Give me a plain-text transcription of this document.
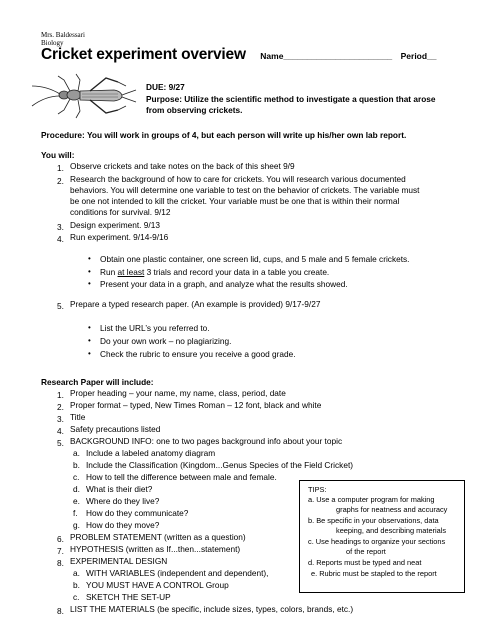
Mrs. Baldessari
Biology
Cricket experiment overview Name_______________________ Period__
DUE: 9/27
Purpose: Utilize the scientific method to investigate a question that arose
from observing crickets.
Procedure: You will work in groups of 4, but each person will write up his/her own lab report.
You will:
1. Observe crickets and take notes on the back of this sheet 9/9
2. Research the background of how to care for crickets. You will research various documented
behaviors. You will determine one variable to test on the behavior of crickets. The variable must
be one not intended to kill the cricket. Your variable must be one that is within their normal
conditions for survival. 9/12
3. Design experiment. 9/13
4. Run experiment. 9/14-9/16
• Obtain one plastic container, one screen lid, cups, and 5 male and 5 female crickets.
• Run at least 3 trials and record your data in a table you create.
• Present your data in a graph, and analyze what the results showed.
5. Prepare a typed research paper. (An example is provided) 9/17-9/27
• List the URL’s you referred to.
• Do your own work – no plagiarizing.
• Check the rubric to ensure you receive a good grade.
Research Paper will include:
1. Proper heading – your name, my name, class, period, date
2. Proper format – typed, New Times Roman – 12 font, black and white
3. Title
4. Safety precautions listed
5. BACKGROUND INFO: one to two pages background info about your topic
a. Include a labeled anatomy diagram
b. Include the Classification (Kingdom...Genus Species of the Field Cricket)
c. How to tell the difference between male and female.
d. What is their diet?
e. Where do they live?
f. How do they communicate?
g. How do they move?
6. PROBLEM STATEMENT (written as a question)
7. HYPOTHESIS (written as If...then...statement)
8. EXPERIMENTAL DESIGN
a. WITH VARIABLES (independent and dependent),
b. YOU MUST HAVE A CONTROL Group
c. SKETCH THE SET-UP
8. LIST THE MATERIALS (be specific, include sizes, types, colors, brands, etc.)
TIPS:
a. Use a computer program for making
graphs for neatness and accuracy
b. Be specific in your observations, data
keeping, and describing materials
c. Use headings to organize your sections
of the report
d. Reports must be typed and neat
e. Rubric must be stapled to the report
